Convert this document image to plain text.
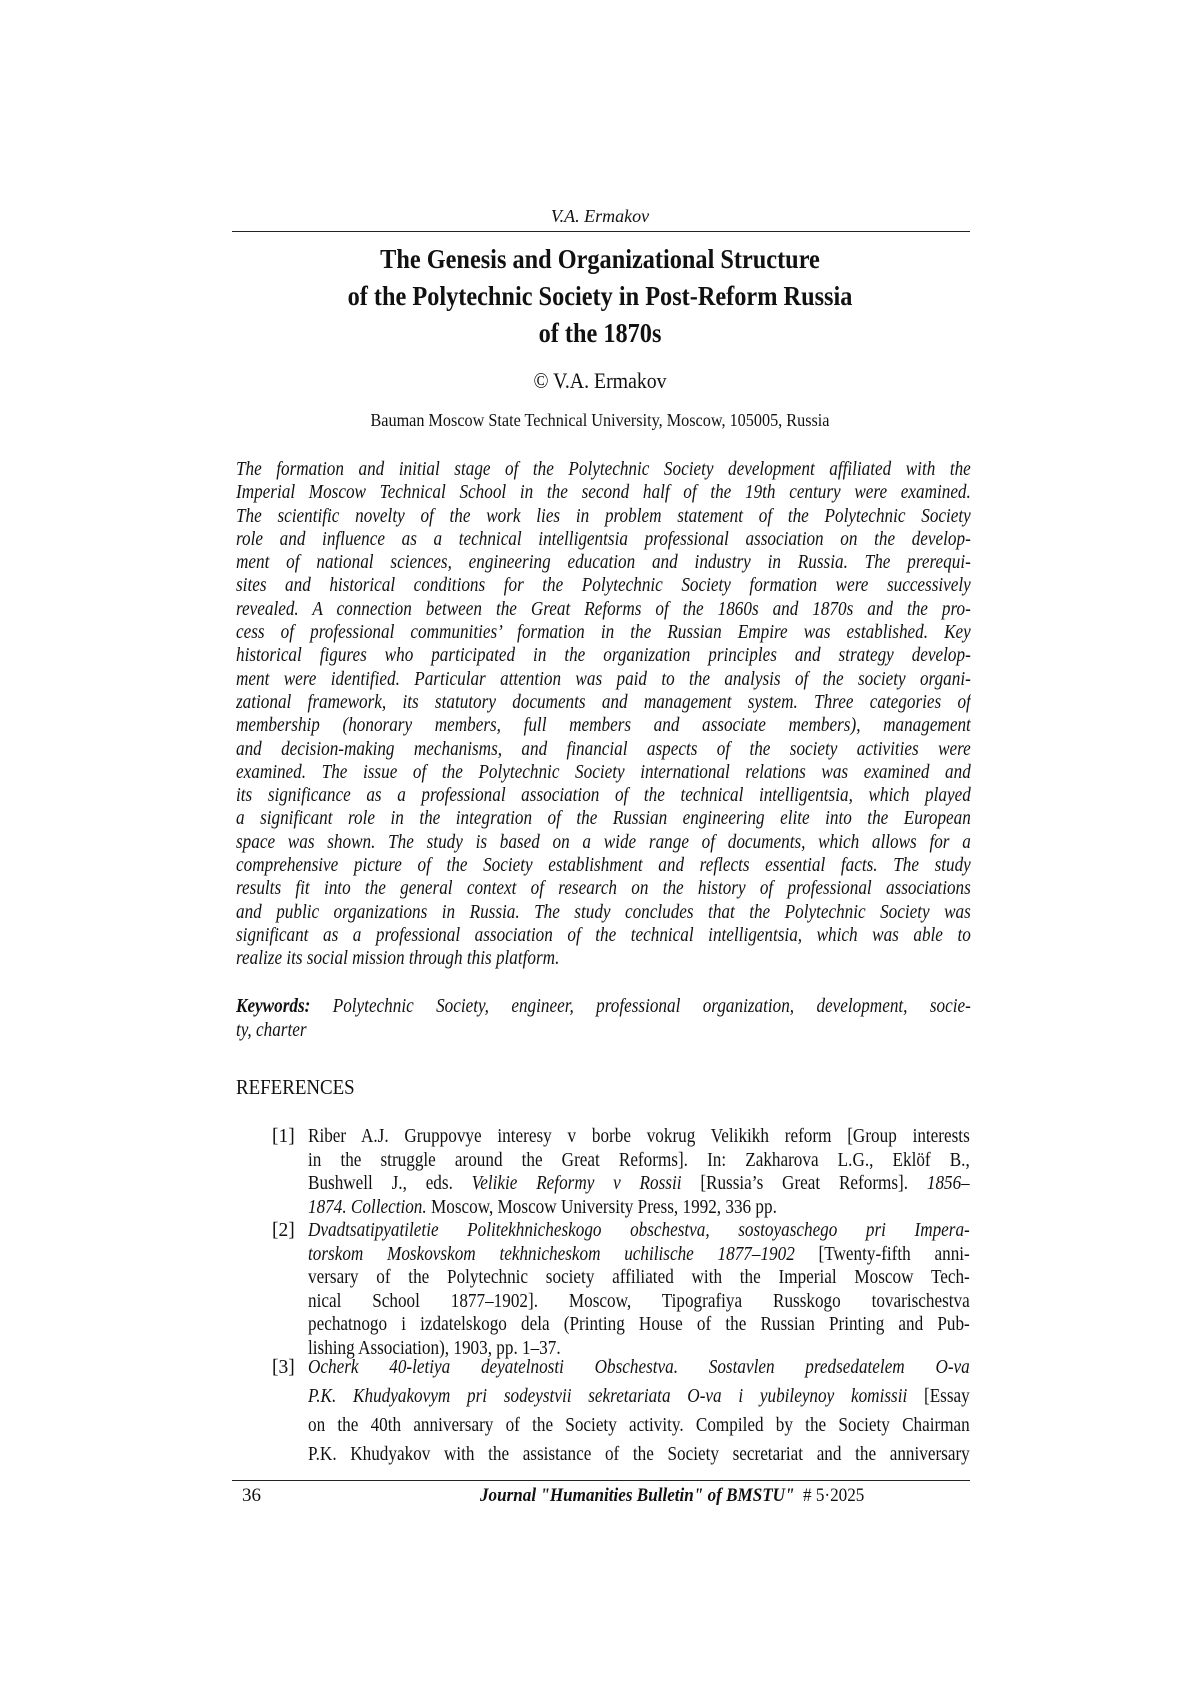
V.A. Ermakov
The Genesis and Organizational Structure
of the Polytechnic Society in Post-Reform Russia
of the 1870s
© V.A. Ermakov
Bauman Moscow State Technical University, Moscow, 105005, Russia
The formation and initial stage of the Polytechnic Society development affiliated with the
Imperial Moscow Technical School in the second half of the 19th century were examined.
The scientific novelty of the work lies in problem statement of the Polytechnic Society
role and influence as a technical intelligentsia professional association on the develop-
ment of national sciences, engineering education and industry in Russia. The prerequi-
sites and historical conditions for the Polytechnic Society formation were successively
revealed. A connection between the Great Reforms of the 1860s and 1870s and the pro-
cess of professional communities’ formation in the Russian Empire was established. Key
historical figures who participated in the organization principles and strategy develop-
ment were identified. Particular attention was paid to the analysis of the society organi-
zational framework, its statutory documents and management system. Three categories of
membership (honorary members, full members and associate members), management
and decision-making mechanisms, and financial aspects of the society activities were
examined. The issue of the Polytechnic Society international relations was examined and
its significance as a professional association of the technical intelligentsia, which played
a significant role in the integration of the Russian engineering elite into the European
space was shown. The study is based on a wide range of documents, which allows for a
comprehensive picture of the Society establishment and reflects essential facts. The study
results fit into the general context of research on the history of professional associations
and public organizations in Russia. The study concludes that the Polytechnic Society was
significant as a professional association of the technical intelligentsia, which was able to
realize its social mission through this platform.
Keywords: Polytechnic Society, engineer, professional organization, development, socie-
ty, charter
REFERENCES
[1] Riber A.J. Gruppovye interesy v borbe vokrug Velikikh reform [Group interests
in the struggle around the Great Reforms]. In: Zakharova L.G., Eklöf B.,
Bushwell J., eds. Velikie Reformy v Rossii [Russia’s Great Reforms]. 1856–
1874. Collection. Moscow, Moscow University Press, 1992, 336 pp.
[2] Dvadtsatipyatiletie Politekhnicheskogo obschestva, sostoyaschego pri Impera-
torskom Moskovskom tekhnicheskom uchilische 1877–1902 [Twenty-fifth anni-
versary of the Polytechnic society affiliated with the Imperial Moscow Tech-
nical School 1877–1902]. Moscow, Tipografiya Russkogo tovarischestva
pechatnogo i izdatelskogo dela (Printing House of the Russian Printing and Pub-
lishing Association), 1903, pp. 1–37.
[3] Ocherk 40-letiya deyatelnosti Obschestva. Sostavlen predsedatelem O-va
P.K. Khudyakovym pri sodeystvii sekretariata O-va i yubileynoy komissii [Essay
on the 40th anniversary of the Society activity. Compiled by the Society Chairman
P.K. Khudyakov with the assistance of the Society secretariat and the anniversary
36	Journal "Humanities Bulletin" of BMSTU" # 5·2025
